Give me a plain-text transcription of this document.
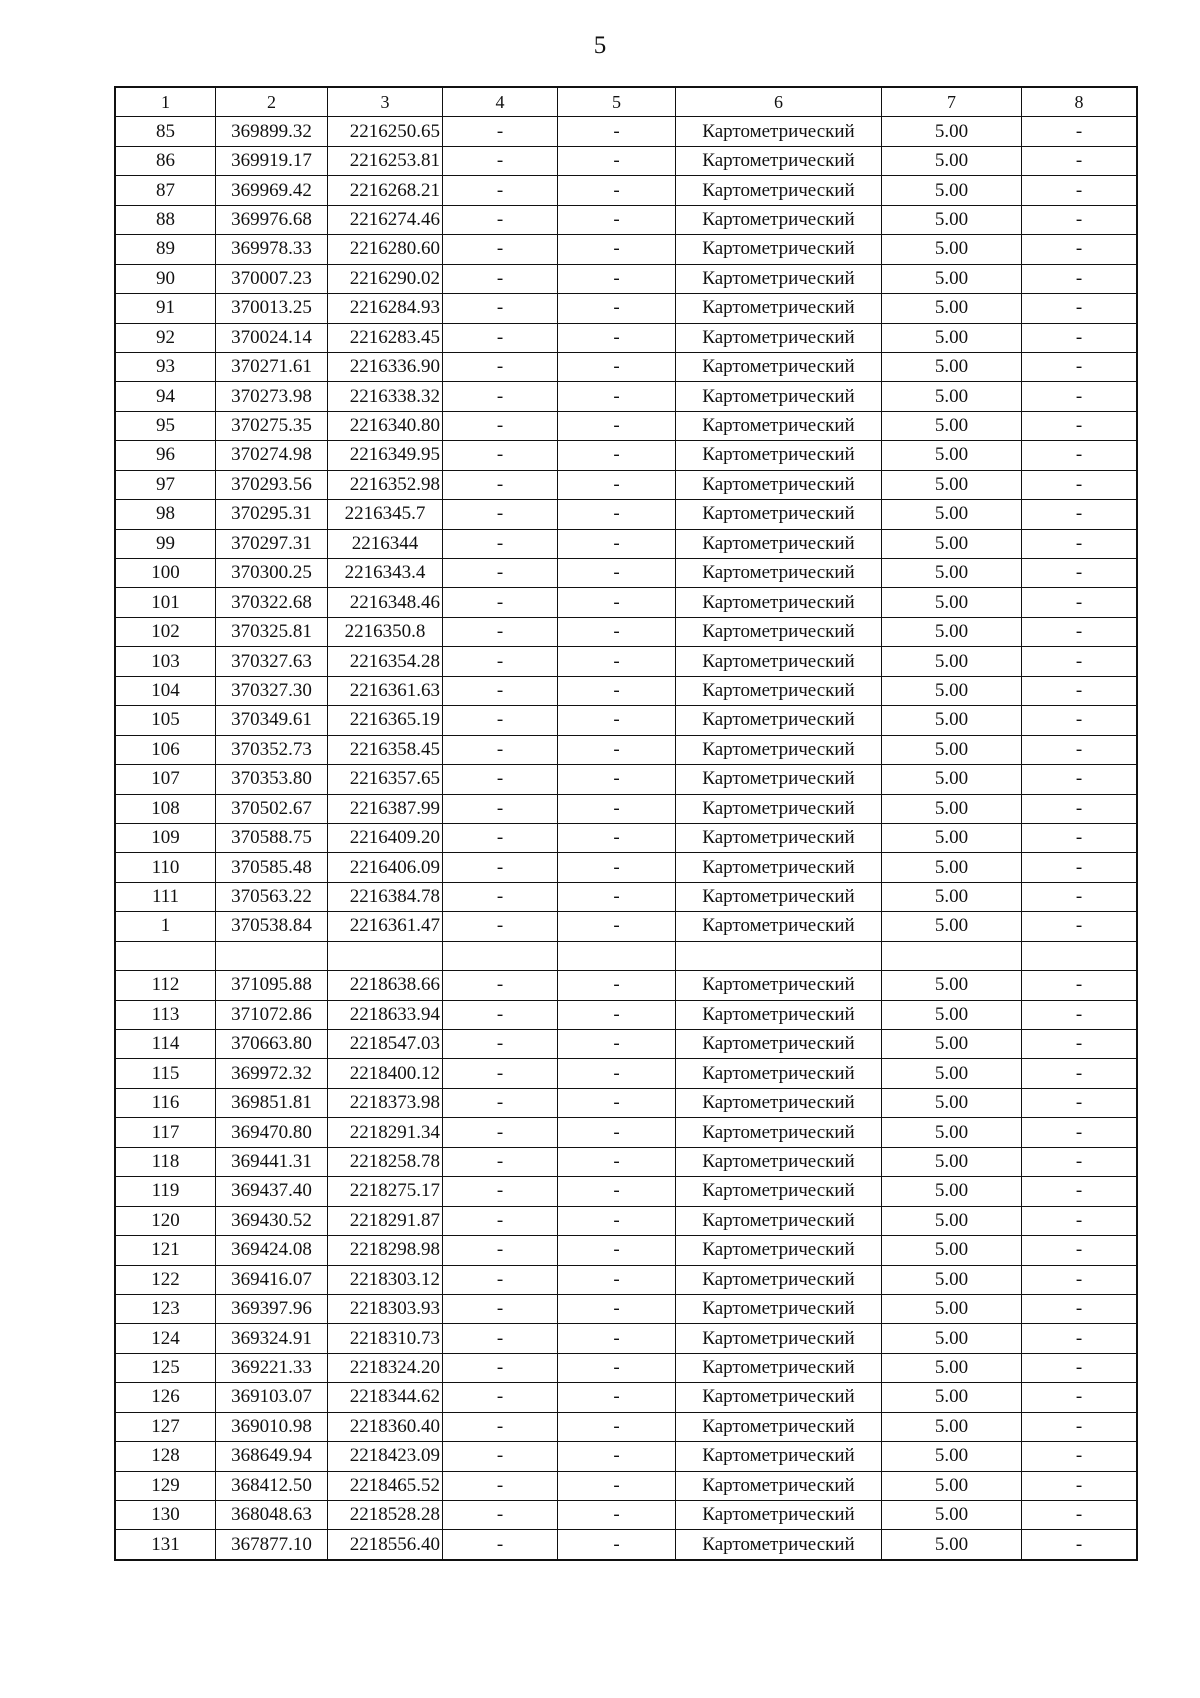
5
1	2	3	4	5	6	7	8
85	369899.32	2216250.65	-	-	Картометрический	5.00	-
86	369919.17	2216253.81	-	-	Картометрический	5.00	-
87	369969.42	2216268.21	-	-	Картометрический	5.00	-
88	369976.68	2216274.46	-	-	Картометрический	5.00	-
89	369978.33	2216280.60	-	-	Картометрический	5.00	-
90	370007.23	2216290.02	-	-	Картометрический	5.00	-
91	370013.25	2216284.93	-	-	Картометрический	5.00	-
92	370024.14	2216283.45	-	-	Картометрический	5.00	-
93	370271.61	2216336.90	-	-	Картометрический	5.00	-
94	370273.98	2216338.32	-	-	Картометрический	5.00	-
95	370275.35	2216340.80	-	-	Картометрический	5.00	-
96	370274.98	2216349.95	-	-	Картометрический	5.00	-
97	370293.56	2216352.98	-	-	Картометрический	5.00	-
98	370295.31	2216345.7	-	-	Картометрический	5.00	-
99	370297.31	2216344	-	-	Картометрический	5.00	-
100	370300.25	2216343.4	-	-	Картометрический	5.00	-
101	370322.68	2216348.46	-	-	Картометрический	5.00	-
102	370325.81	2216350.8	-	-	Картометрический	5.00	-
103	370327.63	2216354.28	-	-	Картометрический	5.00	-
104	370327.30	2216361.63	-	-	Картометрический	5.00	-
105	370349.61	2216365.19	-	-	Картометрический	5.00	-
106	370352.73	2216358.45	-	-	Картометрический	5.00	-
107	370353.80	2216357.65	-	-	Картометрический	5.00	-
108	370502.67	2216387.99	-	-	Картометрический	5.00	-
109	370588.75	2216409.20	-	-	Картометрический	5.00	-
110	370585.48	2216406.09	-	-	Картометрический	5.00	-
111	370563.22	2216384.78	-	-	Картометрический	5.00	-
1	370538.84	2216361.47	-	-	Картометрический	5.00	-

112	371095.88	2218638.66	-	-	Картометрический	5.00	-
113	371072.86	2218633.94	-	-	Картометрический	5.00	-
114	370663.80	2218547.03	-	-	Картометрический	5.00	-
115	369972.32	2218400.12	-	-	Картометрический	5.00	-
116	369851.81	2218373.98	-	-	Картометрический	5.00	-
117	369470.80	2218291.34	-	-	Картометрический	5.00	-
118	369441.31	2218258.78	-	-	Картометрический	5.00	-
119	369437.40	2218275.17	-	-	Картометрический	5.00	-
120	369430.52	2218291.87	-	-	Картометрический	5.00	-
121	369424.08	2218298.98	-	-	Картометрический	5.00	-
122	369416.07	2218303.12	-	-	Картометрический	5.00	-
123	369397.96	2218303.93	-	-	Картометрический	5.00	-
124	369324.91	2218310.73	-	-	Картометрический	5.00	-
125	369221.33	2218324.20	-	-	Картометрический	5.00	-
126	369103.07	2218344.62	-	-	Картометрический	5.00	-
127	369010.98	2218360.40	-	-	Картометрический	5.00	-
128	368649.94	2218423.09	-	-	Картометрический	5.00	-
129	368412.50	2218465.52	-	-	Картометрический	5.00	-
130	368048.63	2218528.28	-	-	Картометрический	5.00	-
131	367877.10	2218556.40	-	-	Картометрический	5.00	-
